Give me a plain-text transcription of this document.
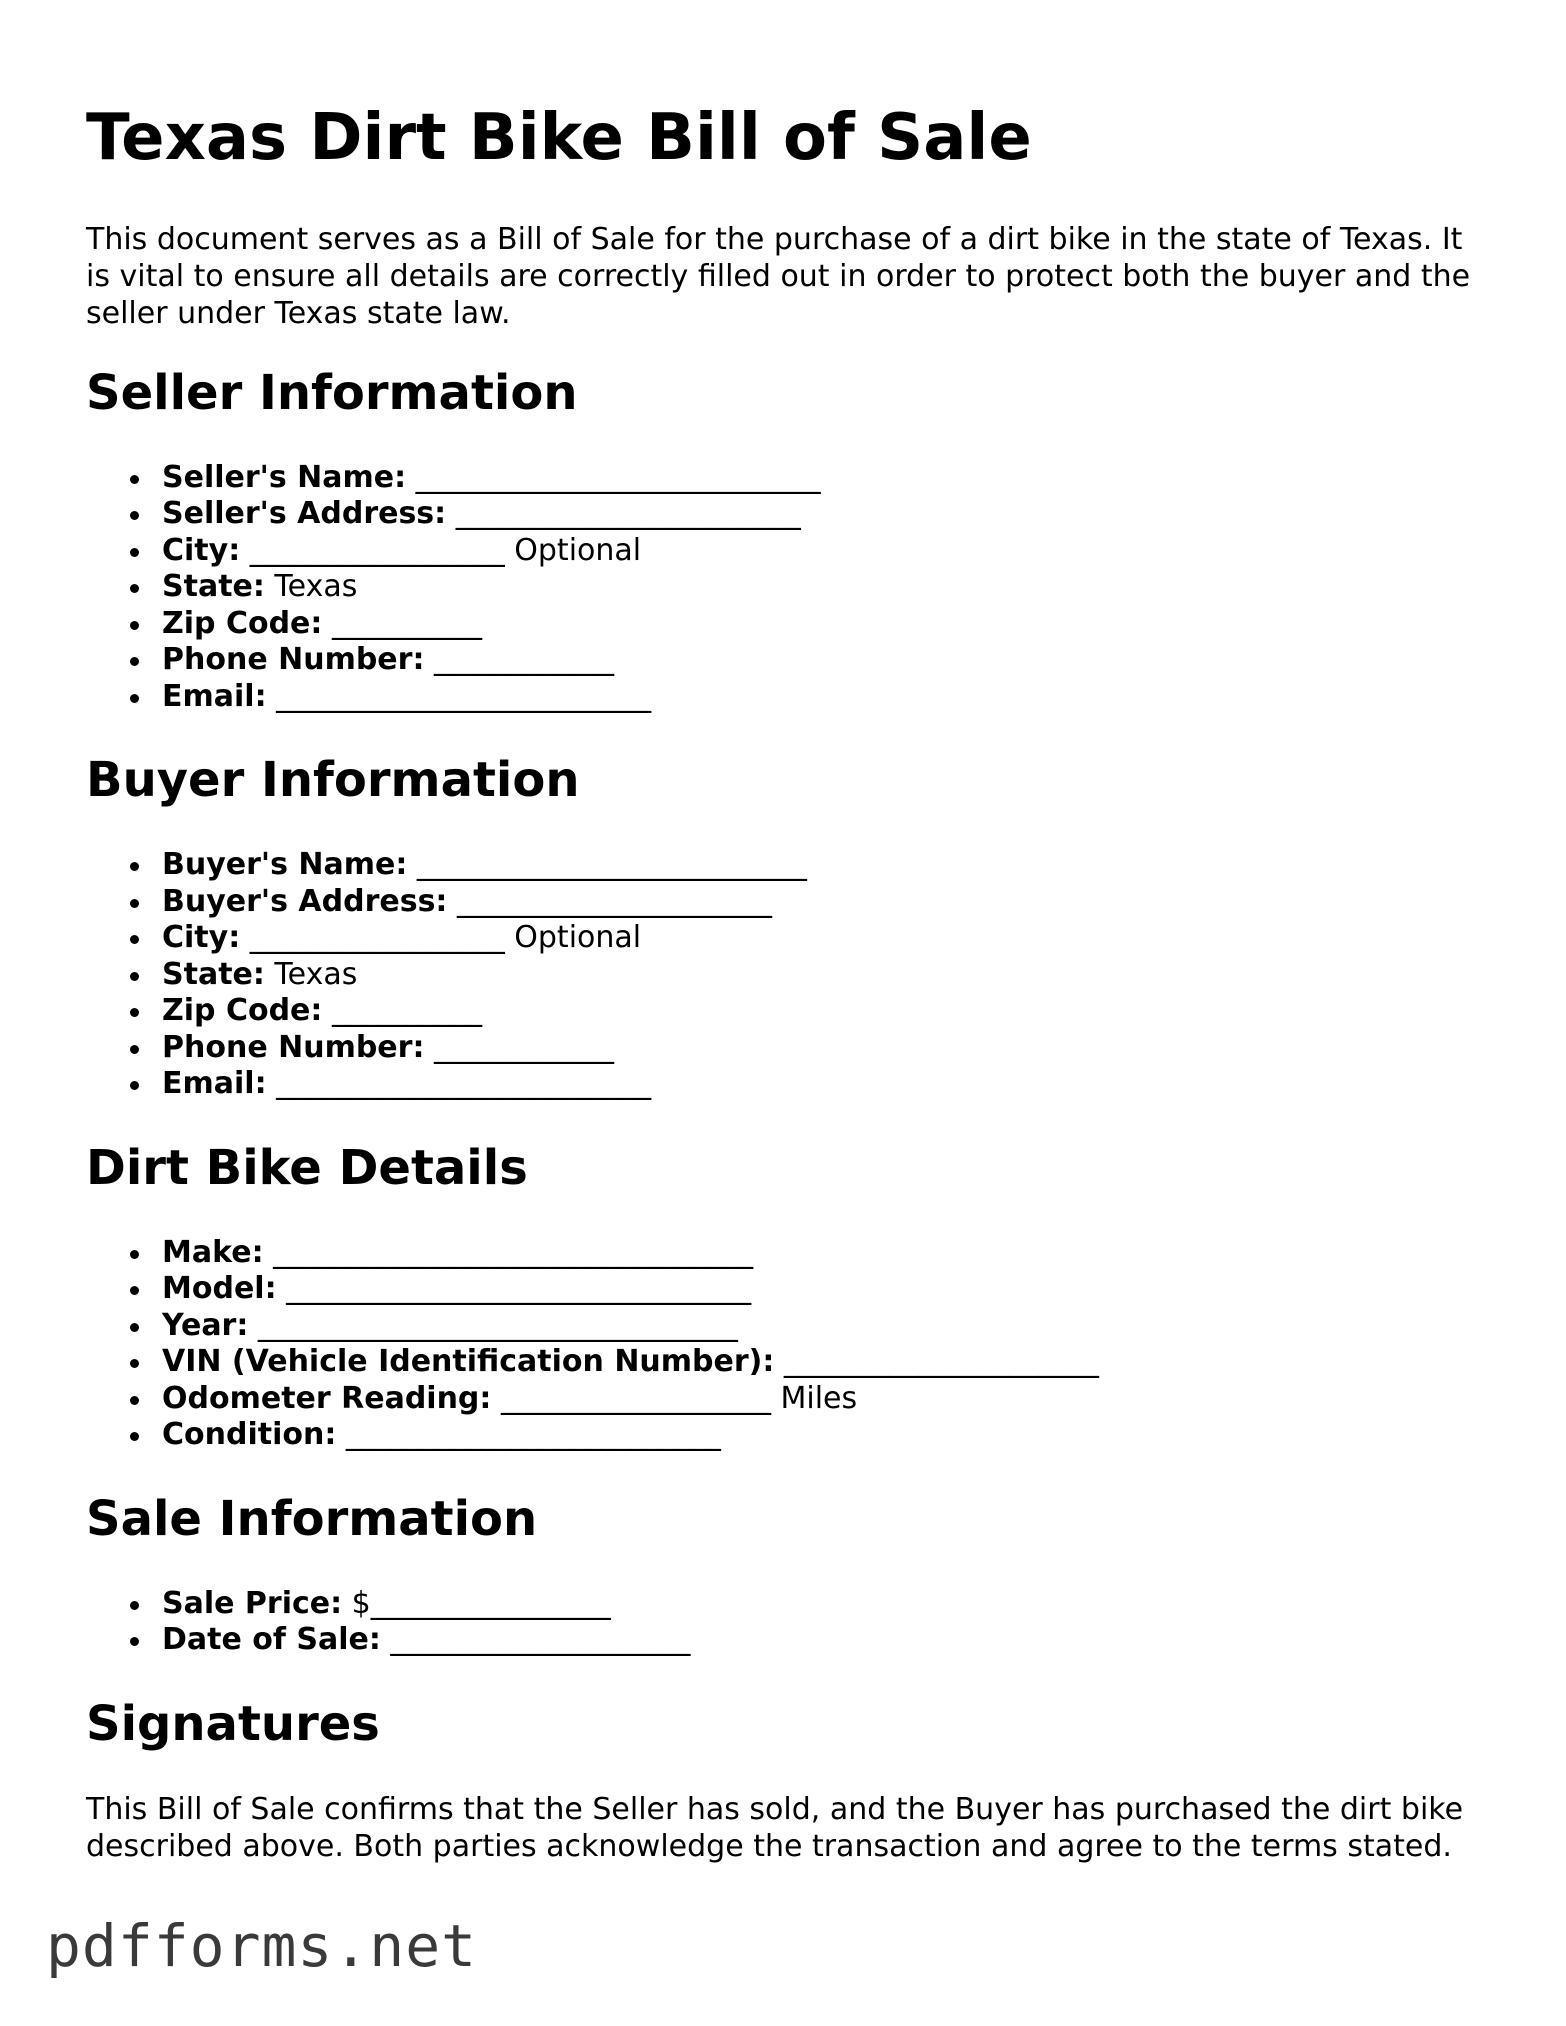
Texas Dirt Bike Bill of Sale

This document serves as a Bill of Sale for the purchase of a dirt bike in the state of Texas. It is vital to ensure all details are correctly filled out in order to protect both the buyer and the seller under Texas state law.

Seller Information
Seller's Name: ___________________________
Seller's Address: _______________________
City: _________________ Optional
State: Texas
Zip Code: __________
Phone Number: ____________
Email: _________________________
Buyer Information
Buyer's Name: __________________________
Buyer's Address: _____________________
City: _________________ Optional
State: Texas
Zip Code: __________
Phone Number: ____________
Email: _________________________
Dirt Bike Details
Make: ________________________________
Model: _______________________________
Year: ________________________________
VIN (Vehicle Identification Number): _____________________
Odometer Reading: __________________ Miles
Condition: _________________________
Sale Information
Sale Price: $________________
Date of Sale: ____________________
Signatures

This Bill of Sale confirms that the Seller has sold, and the Buyer has purchased the dirt bike described above. Both parties acknowledge the transaction and agree to the terms stated.

pdfforms.net
